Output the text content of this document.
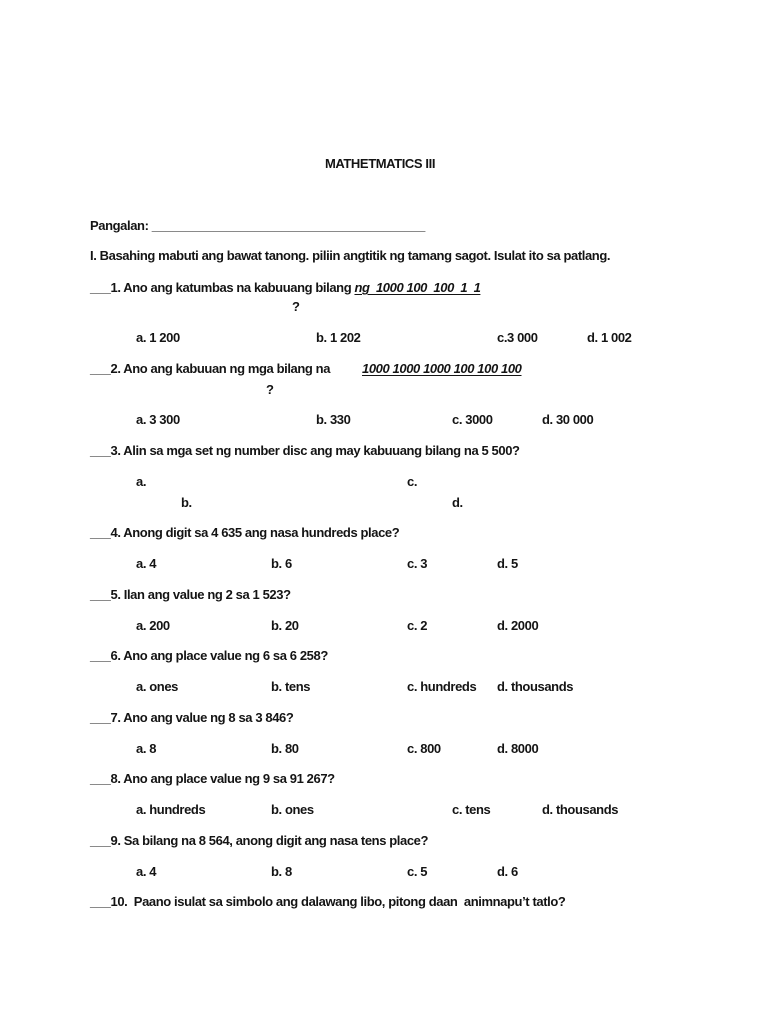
MATHETMATICS III
Pangalan: ________________________________________
I. Basahing mabuti ang bawat tanong. piliin angtitik ng tamang sagot. Isulat ito sa patlang.
___1. Ano ang katumbas na kabuuang bilang ng  1000 100  100  1  1
?
a. 1 200	b. 1 202	c.3 000	d. 1 002
___2. Ano ang kabuuan ng mga bilang na 1000 1000 1000 100 100 100
?
a. 3 300	b. 330	c. 3000	d. 30 000
___3. Alin sa mga set ng number disc ang may kabuuang bilang na 5 500?
a.
b.
c.
d.
___4. Anong digit sa 4 635 ang nasa hundreds place?
a. 4	b. 6	c. 3	d. 5
___5. Ilan ang value ng 2 sa 1 523?
a. 200	b. 20	c. 2	d. 2000
___6. Ano ang place value ng 6 sa 6 258?
a. ones	b. tens	c. hundreds d. thousands
___7. Ano ang value ng 8 sa 3 846?
a. 8	b. 80	c. 800	d. 8000
___8. Ano ang place value ng 9 sa 91 267?
a. hundreds	b. ones	c. tens	d. thousands
___9. Sa bilang na 8 564, anong digit ang nasa tens place?
a. 4	b. 8	c. 5	d. 6
___10.  Paano isulat sa simbolo ang dalawang libo, pitong daan  animnapu’t tatlo?
